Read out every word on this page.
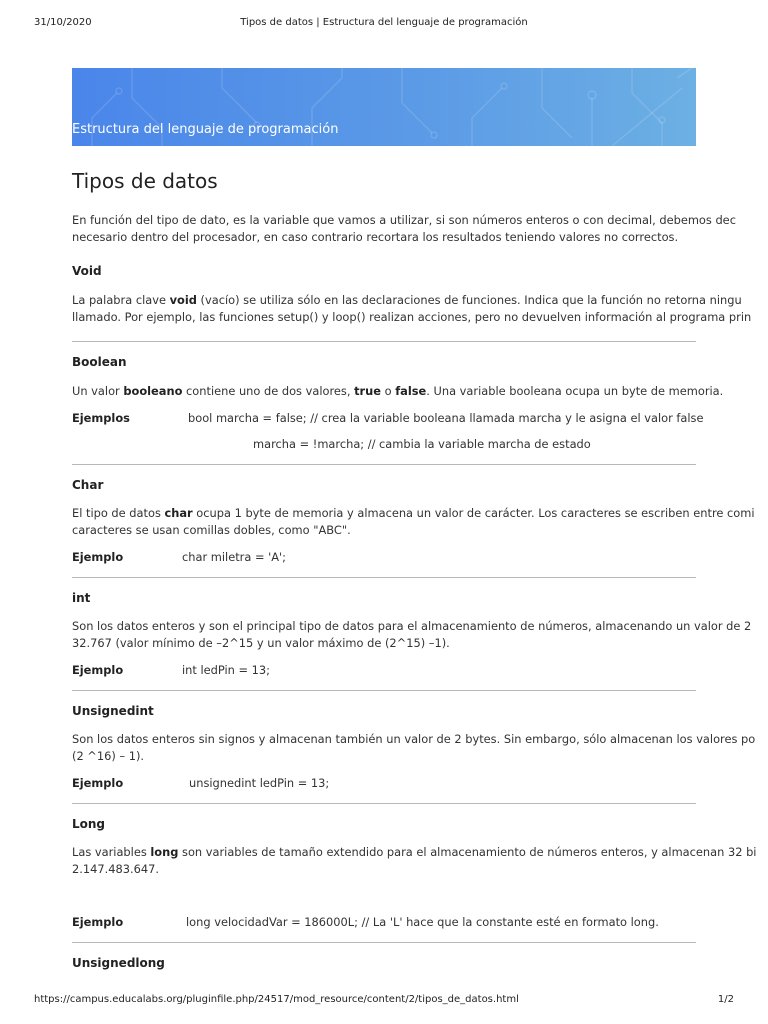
31/10/2020	Tipos de datos | Estructura del lenguaje de programación
Estructura del lenguaje de programación
Tipos de datos

En función del tipo de dato, es la variable que vamos a utilizar, si son números enteros o con decimal, debemos dec

necesario dentro del procesador, en caso contrario recortara los resultados teniendo valores no correctos.

Void

La palabra clave void (vacío) se utiliza sólo en las declaraciones de funciones. Indica que la función no retorna ningu

llamado. Por ejemplo, las funciones setup() y loop() realizan acciones, pero no devuelven información al programa prin

Boolean

Un valor booleano contiene uno de dos valores, true o false. Una variable booleana ocupa un byte de memoria.

Ejemplos	bool marcha = false; // crea la variable booleana llamada marcha y le asigna el valor false
marcha = !marcha; // cambia la variable marcha de estado
Char

El tipo de datos char ocupa 1 byte de memoria y almacena un valor de carácter. Los caracteres se escriben entre comi

caracteres se usan comillas dobles, como "ABC".

Ejemplo	char miletra = 'A';
int

Son los datos enteros y son el principal tipo de datos para el almacenamiento de números, almacenando un valor de 2

32.767 (valor mínimo de –2^15 y un valor máximo de (2^15) –1).

Ejemplo	int ledPin = 13;
Unsignedint

Son los datos enteros sin signos y almacenan también un valor de 2 bytes. Sin embargo, sólo almacenan los valores po

(2 ^16) – 1).

Ejemplo	unsignedint ledPin = 13;
Long

Las variables long son variables de tamaño extendido para el almacenamiento de números enteros, y almacenan 32 bi

2.147.483.647.

Ejemplo	long velocidadVar = 186000L; // La 'L' hace que la constante esté en formato long.
Unsignedlong
https://campus.educalabs.org/pluginfile.php/24517/mod_resource/content/2/tipos_de_datos.html	1/2
